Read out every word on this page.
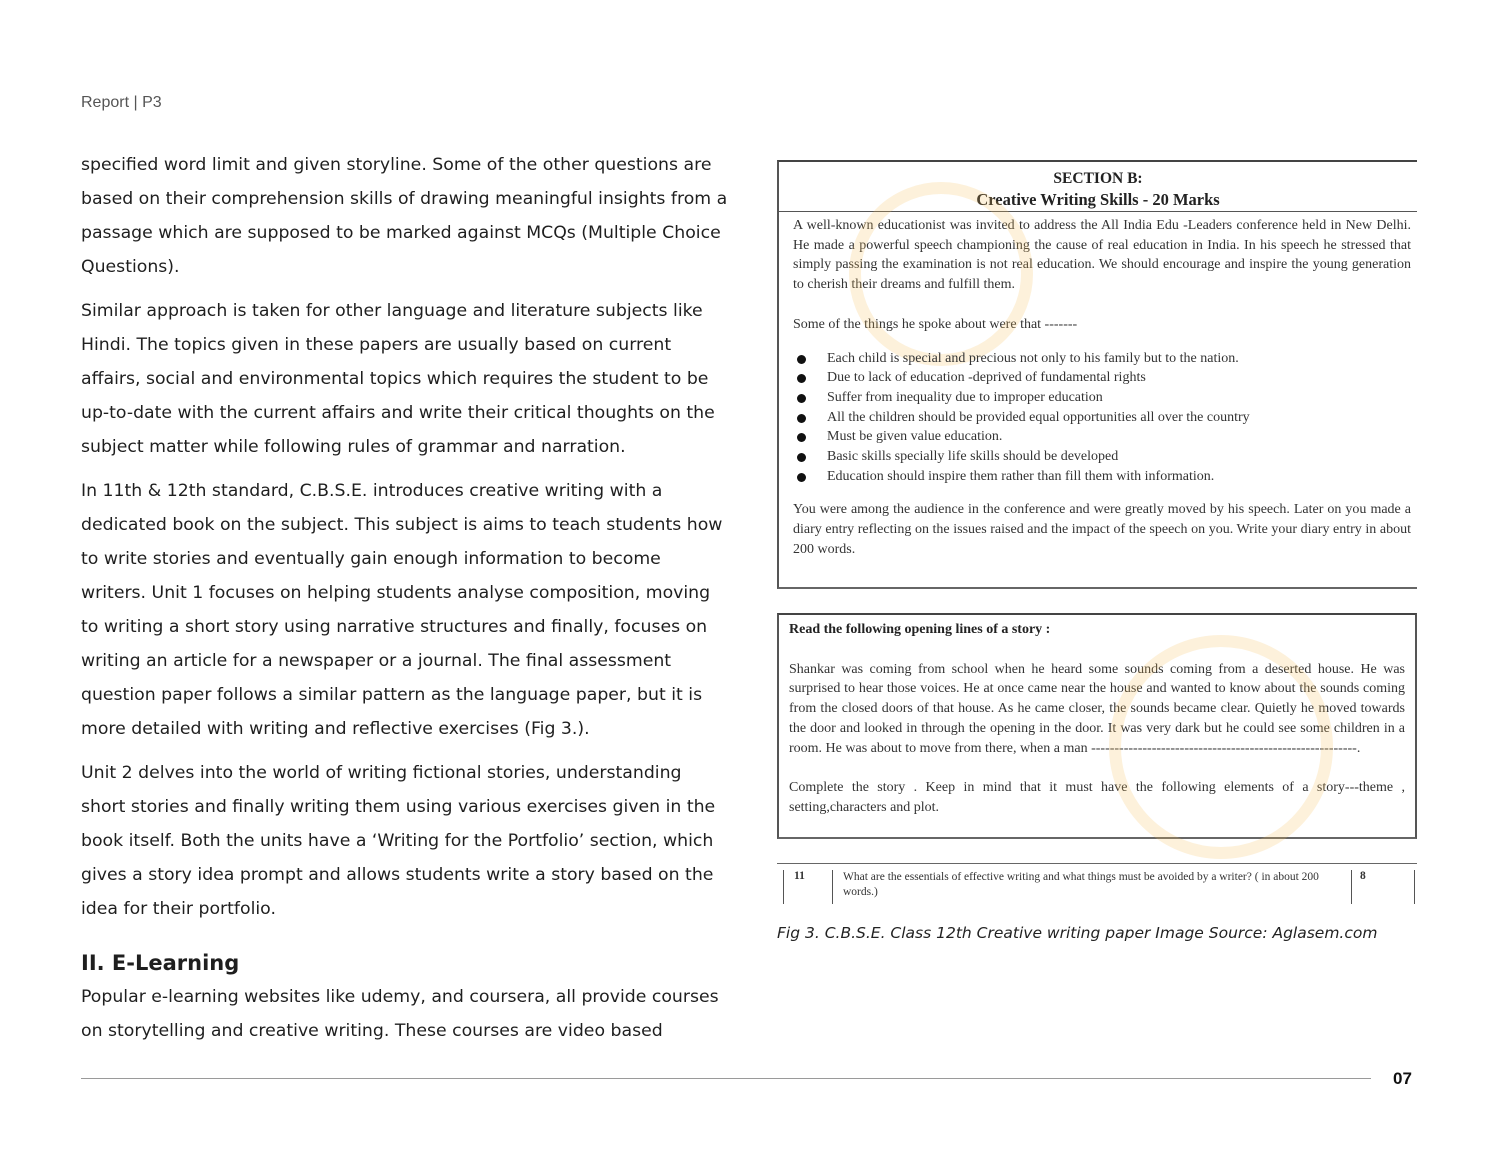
Report | P3

specified word limit and given storyline. Some of the other questions are based on their comprehension skills of drawing meaningful insights from a passage which are supposed to be marked against MCQs (Multiple Choice Questions).

Similar approach is taken for other language and literature subjects like Hindi. The topics given in these papers are usually based on current affairs, social and environmental topics which requires the student to be up-to-date with the current affairs and write their critical thoughts on the subject matter while following rules of grammar and narration.

In 11th & 12th standard, C.B.S.E. introduces creative writing with a dedicated book on the subject. This subject is aims to teach students how to write stories and eventually gain enough information to become writers. Unit 1 focuses on helping students analyse composition, moving to writing a short story using narrative structures and finally, focuses on writing an article for a newspaper or a journal. The final assessment question paper follows a similar pattern as the language paper, but it is more detailed with writing and reflective exercises (Fig 3.).

Unit 2 delves into the world of writing fictional stories, understanding short stories and finally writing them using various exercises given in the book itself. Both the units have a ‘Writing for the Portfolio’ section, which gives a story idea prompt and allows students write a story based on the idea for their portfolio.

II. E-Learning

Popular e-learning websites like udemy, and coursera, all provide courses on storytelling and creative writing. These courses are video based

SECTION B:
Creative Writing Skills - 20 Marks
A well-known educationist was invited to address the All India Edu -Leaders conference held in New Delhi. He made a powerful speech championing the cause of real education in India. In his speech he stressed that simply passing the examination is not real education. We should encourage and inspire the young generation to cherish their dreams and fulfill them.
Some of the things he spoke about were that -------
Each child is special and precious not only to his family but to the nation.
Due to lack of education -deprived of fundamental rights
Suffer from inequality due to improper education
All the children should be provided equal opportunities all over the country
Must be given value education.
Basic skills specially life skills should be developed
Education should inspire them rather than fill them with information.
You were among the audience in the conference and were greatly moved by his speech. Later on you made a diary entry reflecting on the issues raised and the impact of the speech on you. Write your diary entry in about 200 words.
Read the following opening lines of a story :
Shankar was coming from school when he heard some sounds coming from a deserted house. He was surprised to hear those voices. He at once came near the house and wanted to know about the sounds coming from the closed doors of that house. As he came closer, the sounds became clear. Quietly he moved towards the door and looked in through the opening in the door. It was very dark but he could see some children in a room. He was about to move from there, when a man ---------------------------------------------------------.
Complete the story . Keep in mind that it must have the following elements of a story---theme , setting,characters and plot.
11	What are the essentials of effective writing and what things must be avoided by a writer? ( in about 200 words.)
8
Fig 3. C.B.S.E. Class 12th Creative writing paper Image Source: Aglasem.com
07
